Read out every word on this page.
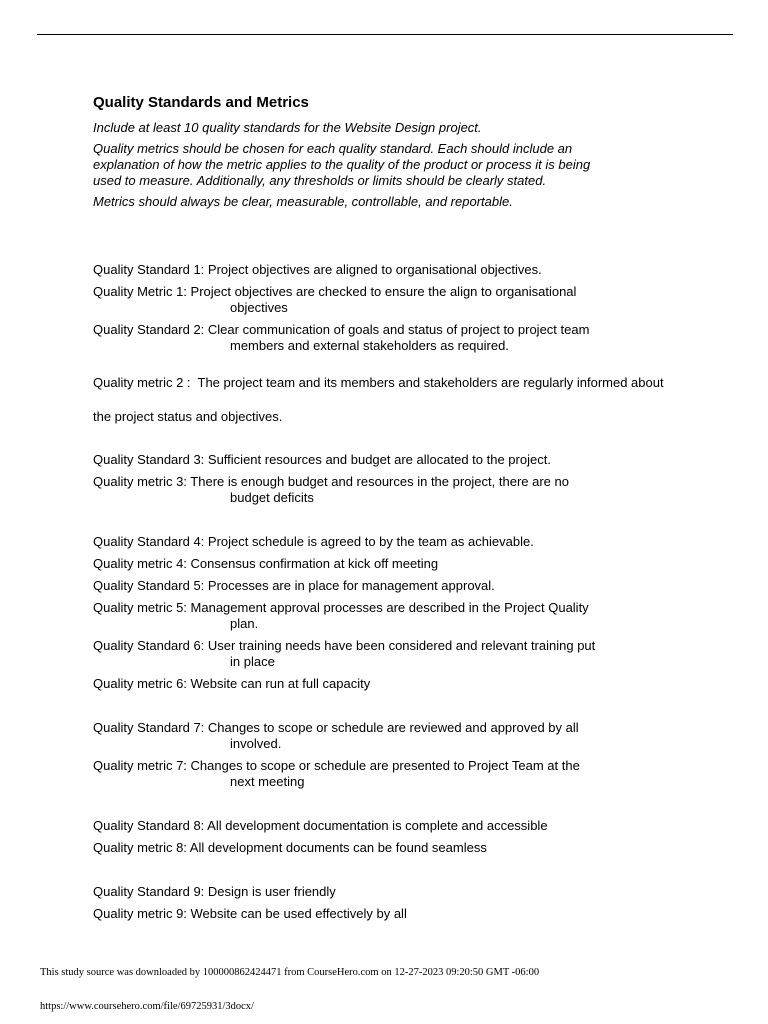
Quality Standards and Metrics

Include at least 10 quality standards for the Website Design project.

Quality metrics should be chosen for each quality standard. Each should include an explanation of how the metric applies to the quality of the product or process it is being used to measure. Additionally, any thresholds or limits should be clearly stated.

Metrics should always be clear, measurable, controllable, and reportable.

Quality Standard 1: Project objectives are aligned to organisational objectives.
Quality Metric 1: Project objectives are checked to ensure the align to organisational
objectives
Quality Standard 2: Clear communication of goals and status of project to project team
members and external stakeholders as required.
Quality metric 2 :  The project team and its members and stakeholders are regularly informed about
the project status and objectives.
Quality Standard 3: Sufficient resources and budget are allocated to the project.
Quality metric 3: There is enough budget and resources in the project, there are no
budget deficits
Quality Standard 4: Project schedule is agreed to by the team as achievable.
Quality metric 4: Consensus confirmation at kick off meeting
Quality Standard 5: Processes are in place for management approval.
Quality metric 5: Management approval processes are described in the Project Quality
plan.
Quality Standard 6: User training needs have been considered and relevant training put
in place
Quality metric 6: Website can run at full capacity
Quality Standard 7: Changes to scope or schedule are reviewed and approved by all
involved.
Quality metric 7: Changes to scope or schedule are presented to Project Team at the
next meeting
Quality Standard 8: All development documentation is complete and accessible
Quality metric 8: All development documents can be found seamless
Quality Standard 9: Design is user friendly
Quality metric 9: Website can be used effectively by all
This study source was downloaded by 100000862424471 from CourseHero.com on 12-27-2023 09:20:50 GMT -06:00
https://www.coursehero.com/file/69725931/3docx/
